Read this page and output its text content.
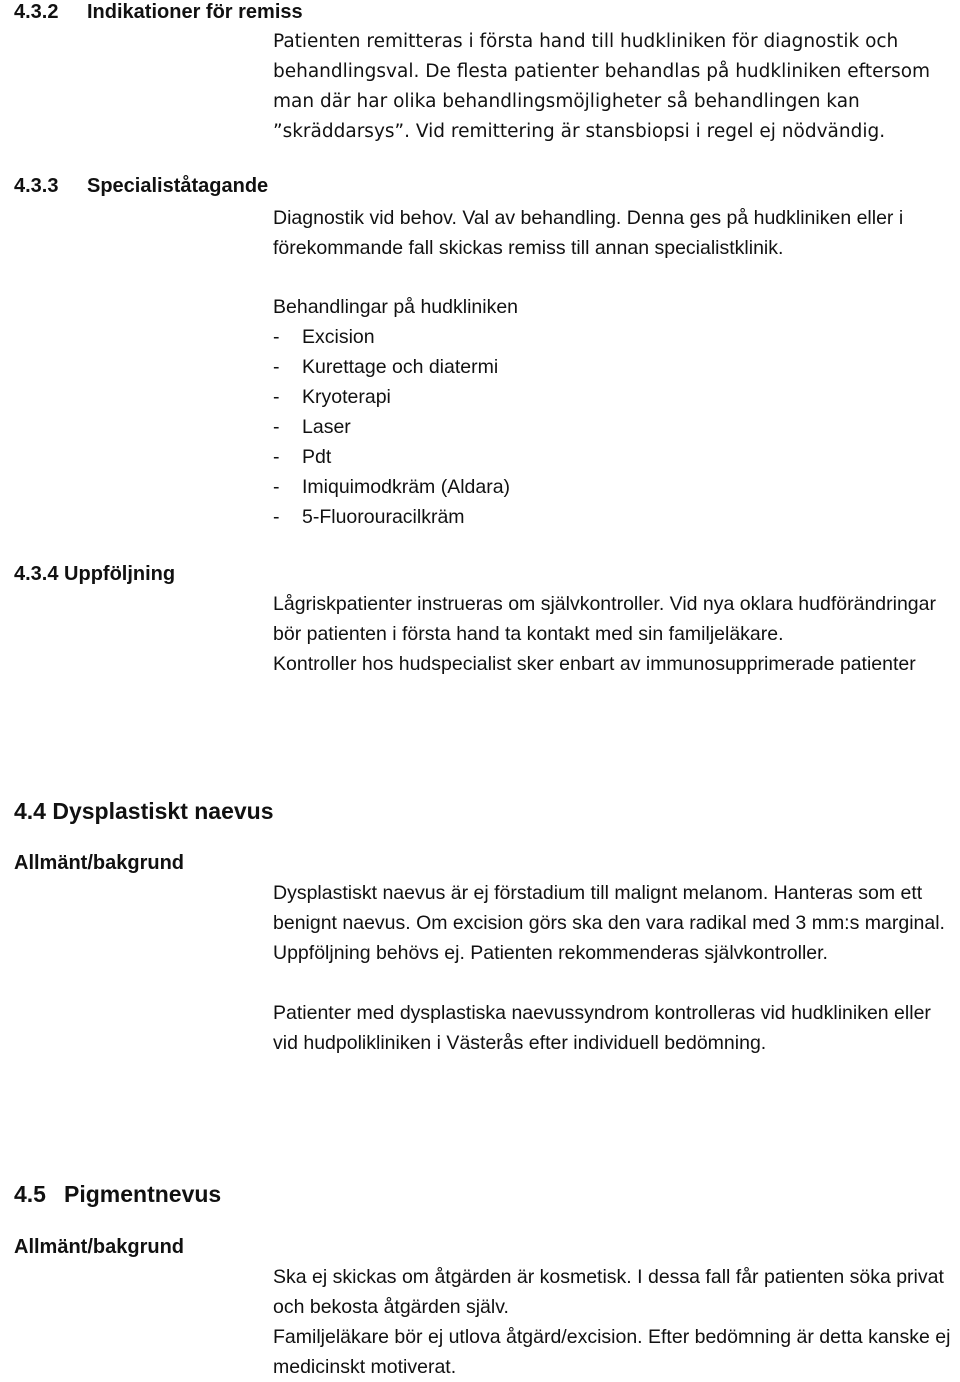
4.3.2 Indikationer för remiss

Patienten remitteras i första hand till hudkliniken för diagnostik och behandlingsval. De flesta patienter behandlas på hudkliniken eftersom man där har olika behandlingsmöjligheter så behandlingen kan ”skräddarsys”. Vid remittering är stansbiopsi i regel ej nödvändig.

4.3.3 Specialiståtagande

Diagnostik vid behov. Val av behandling. Denna ges på hudkliniken eller i förekommande fall skickas remiss till annan specialistklinik.

Behandlingar på hudkliniken

- Excision
- Kurettage och diatermi
- Kryoterapi
- Laser
- Pdt
- Imiquimodkräm (Aldara)
- 5-Fluorouracilkräm
4.3.4 Uppföljning

Lågriskpatienter instrueras om självkontroller. Vid nya oklara hudförändringar bör patienten i första hand ta kontakt med sin familjeläkare.

Kontroller hos hudspecialist sker enbart av immunosupprimerade patienter

4.4 Dysplastiskt naevus
Allmänt/bakgrund

Dysplastiskt naevus är ej förstadium till malignt melanom. Hanteras som ett benignt naevus. Om excision görs ska den vara radikal med 3 mm:s marginal. Uppföljning behövs ej. Patienten rekommenderas självkontroller.

Patienter med dysplastiska naevussyndrom kontrolleras vid hudkliniken eller vid hudpolikliniken i Västerås efter individuell bedömning.

4.5 Pigmentnevus
Allmänt/bakgrund

Ska ej skickas om åtgärden är kosmetisk. I dessa fall får patienten söka privat och bekosta åtgärden själv.

Familjeläkare bör ej utlova åtgärd/excision. Efter bedömning är detta kanske ej medicinskt motiverat.
